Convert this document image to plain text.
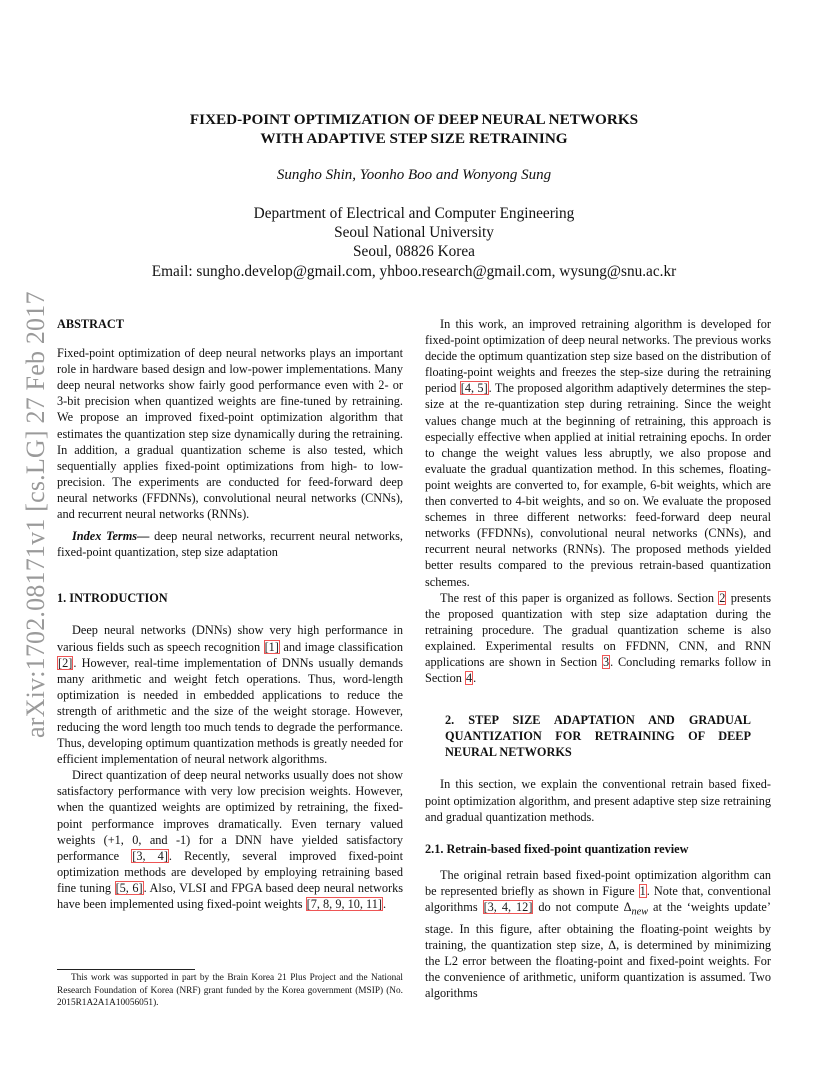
arXiv:1702.08171v1 [cs.LG] 27 Feb 2017
FIXED-POINT OPTIMIZATION OF DEEP NEURAL NETWORKS
WITH ADAPTIVE STEP SIZE RETRAINING
Sungho Shin, Yoonho Boo and Wonyong Sung
Department of Electrical and Computer Engineering
Seoul National University
Seoul, 08826 Korea
Email: sungho.develop@gmail.com, yhboo.research@gmail.com, wysung@snu.ac.kr

ABSTRACT

Fixed-point optimization of deep neural networks plays an important role in hardware based design and low-power implementations. Many deep neural networks show fairly good performance even with 2- or 3-bit precision when quantized weights are fine-tuned by retraining. We propose an improved fixed-point optimization algorithm that estimates the quantization step size dynamically during the retraining. In addition, a gradual quantization scheme is also tested, which sequentially applies fixed-point optimizations from high- to low-precision. The experiments are conducted for feed-forward deep neural networks (FFDNNs), convolutional neural networks (CNNs), and recurrent neural networks (RNNs).

Index Terms— deep neural networks, recurrent neural networks, fixed-point quantization, step size adaptation

1. INTRODUCTION

Deep neural networks (DNNs) show very high performance in various fields such as speech recognition [1] and image classification [2]. However, real-time implementation of DNNs usually demands many arithmetic and weight fetch operations. Thus, word-length optimization is needed in embedded applications to reduce the strength of arithmetic and the size of the weight storage. However, reducing the word length too much tends to degrade the performance. Thus, developing optimum quantization methods is greatly needed for efficient implementation of neural network algorithms.

Direct quantization of deep neural networks usually does not show satisfactory performance with very low precision weights. However, when the quantized weights are optimized by retraining, the fixed-point performance improves dramatically. Even ternary valued weights (+1, 0, and -1) for a DNN have yielded satisfactory performance [3, 4]. Recently, several improved fixed-point optimization methods are developed by employing retraining based fine tuning [5, 6]. Also, VLSI and FPGA based deep neural networks have been implemented using fixed-point weights [7, 8, 9, 10, 11].

This work was supported in part by the Brain Korea 21 Plus Project and the National Research Foundation of Korea (NRF) grant funded by the Korea government (MSIP) (No. 2015R1A2A1A10056051).

In this work, an improved retraining algorithm is developed for fixed-point optimization of deep neural networks. The previous works decide the optimum quantization step size based on the distribution of floating-point weights and freezes the step-size during the retraining period [4, 5]. The proposed algorithm adaptively determines the step-size at the re-quantization step during retraining. Since the weight values change much at the beginning of retraining, this approach is especially effective when applied at initial retraining epochs. In order to change the weight values less abruptly, we also propose and evaluate the gradual quantization method. In this schemes, floating-point weights are converted to, for example, 6-bit weights, which are then converted to 4-bit weights, and so on. We evaluate the proposed schemes in three different networks: feed-forward deep neural networks (FFDNNs), convolutional neural networks (CNNs), and recurrent neural networks (RNNs). The proposed methods yielded better results compared to the previous retrain-based quantization schemes.

The rest of this paper is organized as follows. Section 2 presents the proposed quantization with step size adaptation during the retraining procedure. The gradual quantization scheme is also explained. Experimental results on FFDNN, CNN, and RNN applications are shown in Section 3. Concluding remarks follow in Section 4.

2. STEP SIZE ADAPTATION AND GRADUAL QUANTIZATION FOR RETRAINING OF DEEP NEURAL NETWORKS

In this section, we explain the conventional retrain based fixed-point optimization algorithm, and present adaptive step size retraining and gradual quantization methods.

2.1. Retrain-based fixed-point quantization review

The original retrain based fixed-point optimization algorithm can be represented briefly as shown in Figure 1. Note that, conventional algorithms [3, 4, 12] do not compute $\Delta_{new}$ at the ‘weights update’ stage. In this figure, after obtaining the floating-point weights by training, the quantization step size, Δ, is determined by minimizing the L2 error between the floating-point and fixed-point weights. For the convenience of arithmetic, uniform quantization is assumed. Two algorithms
